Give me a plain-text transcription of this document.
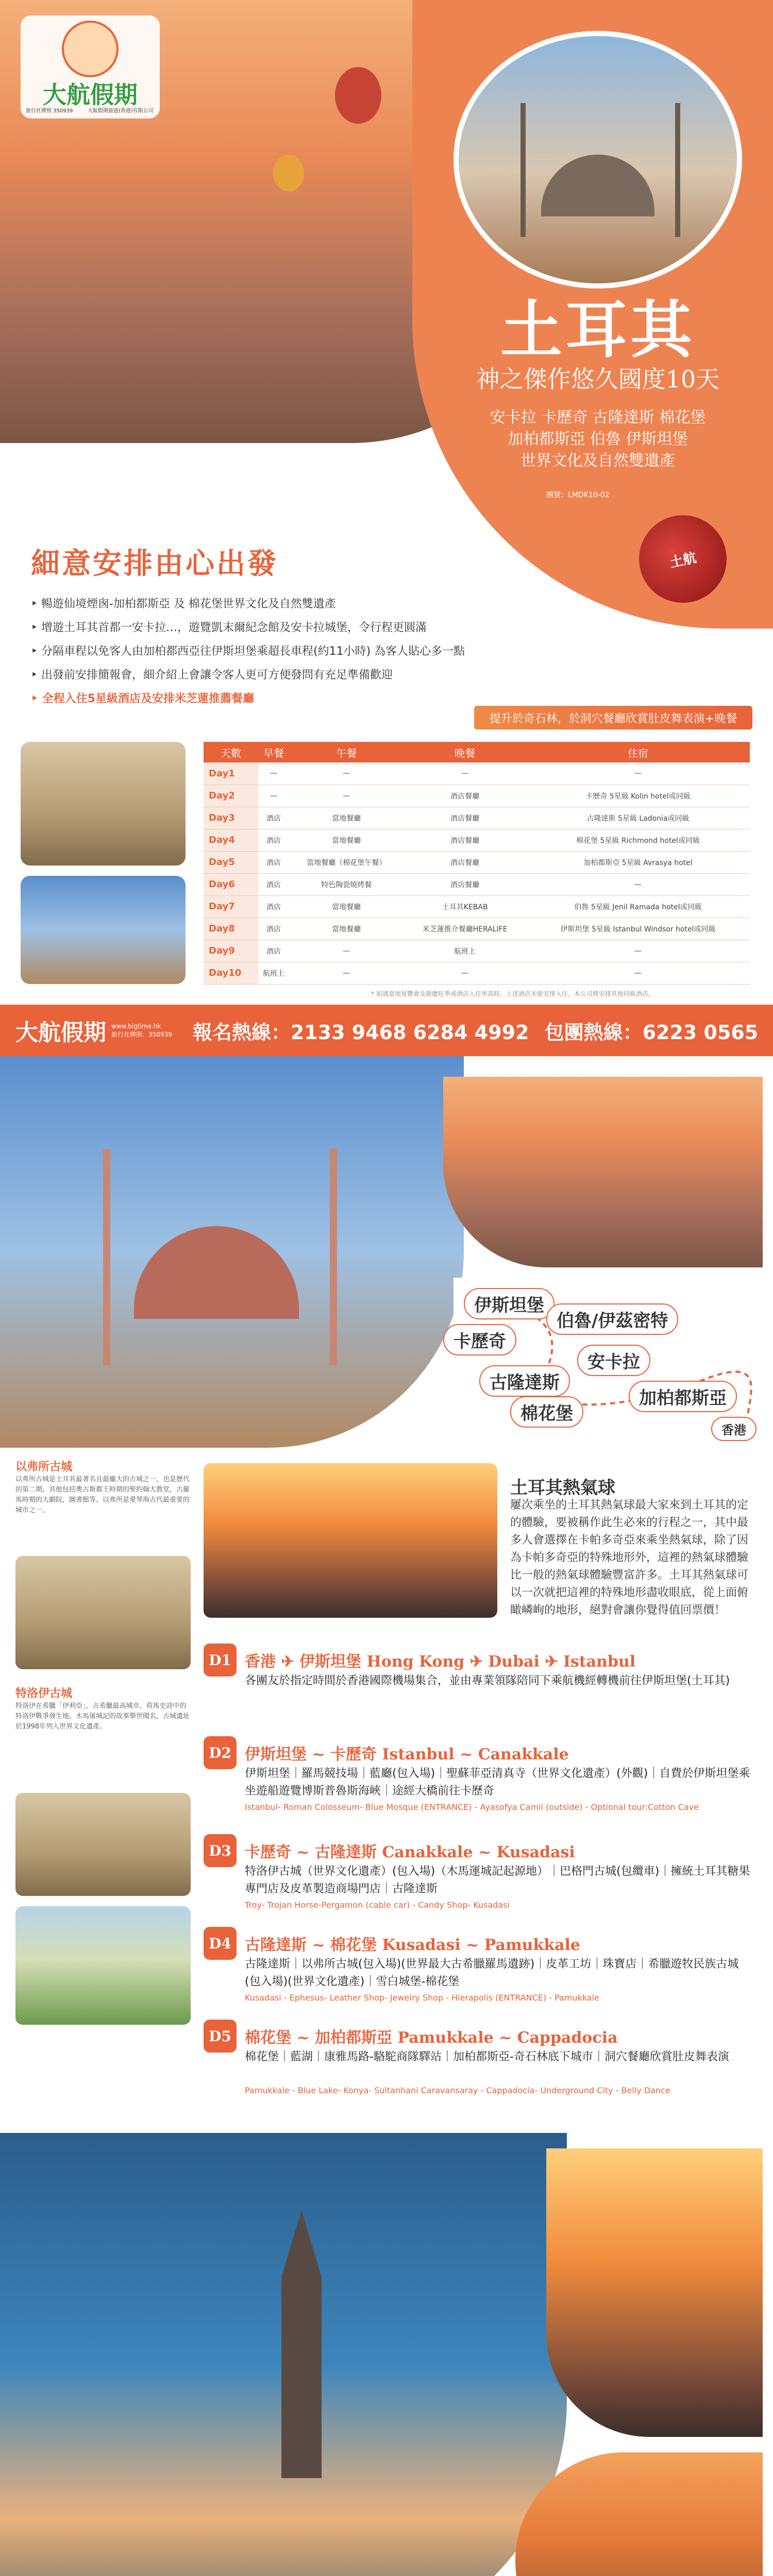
大航假期
旅行社牌照 350939	大航假期旅遊(香港)有限公司
土耳其
神之傑作悠久國度10天
安卡拉 卡歷奇 古隆達斯 棉花堡
加柏都斯亞 伯魯 伊斯坦堡
世界文化及自然雙遺產
團號：LMDK10-02
土航
細意安排由心出發
‣ 暢遊仙境煙囪-加柏都斯亞 及 棉花堡世界文化及自然雙遺產
‣ 增遊土耳其首都一安卡拉…，遊覽凱末爾紀念館及安卡拉城堡，令行程更圓滿
‣ 分隔車程以免客人由加柏都西亞往伊斯坦堡乘超長車程(約11小時) 為客人貼心多一點
‣ 出發前安排簡報會，細介紹上會讓令客人更可方便發問有充足準備歡迎
‣ 全程入住5星級酒店及安排米芝蓮推薦餐廳
提升於奇石林，於洞穴餐廳欣賞肚皮舞表演+晚餐
天數	早餐	午餐	晚餐	住宿
Day1	—	—	—	—
Day2	—	—	酒店餐廳	卡歷奇 5星級 Kolin hotel或同級
Day3	酒店	當地餐廳	酒店餐廳	古隆達斯 5星級 Ladonia或同級
Day4	酒店	當地餐廳	酒店餐廳	棉花堡 5星級 Richmond hotel或同級
Day5	酒店	當地餐廳（棉花堡午餐）	酒店餐廳	加柏都斯亞 5星級 Avrasya hotel
Day6	酒店	特色陶瓷燒烤餐	酒店餐廳	—
Day7	酒店	當地餐廳	土耳其KEBAB	伯魯 5星級 Jenil Ramada hotel或同級
Day8	酒店	當地餐廳	米芝蓮推介餐廳HERALIFE	伊斯坦堡 5星級 Istanbul Windsor hotel或同級
Day9	酒店	—	航班上	—
Day10	航班上	—	—	—
* 如遇當地展覽會及節慶旺季或酒店入住率高時，上述酒店未能安排入住，本公司將安排其他同級酒店。
大航假期 www.bigtime.hk
旅行社牌照：350939 報名熱線：2133 9468 6284 4992 包團熱線：6223 0565
伊斯坦堡
卡歷奇
伯魯/伊茲密特
安卡拉
古隆達斯
加柏都斯亞
棉花堡
香港
以弗所古城
以弗所古城是土耳其最著名且最龐大的古城之一，也是歷代的第二期，其他包括奧古斯都王時期的聖約翰大教堂，古羅馬時期的大劇院，圖書館等。以弗所是愛琴海古代最重要的城市之一。
特洛伊古城
特洛伊在希臘「伊利亞」，古希臘最高城市，荷馬史詩中的特洛伊戰爭發生地。木馬屠城記的故事舉世聞名，古城遺址於1998年列入世界文化遺產。
土耳其熱氣球
屢次乘坐的土耳其熱氣球最大家來到土耳其的定的體驗，要被稱作此生必來的行程之一，其中最多人會選擇在卡帕多奇亞來乘坐熱氣球，除了因為卡帕多奇亞的特殊地形外，這裡的熱氣球體驗比一般的熱氣球體驗豐富許多。土耳其熱氣球可以一次就把這裡的特殊地形盡收眼底，從上面俯瞰嶙峋的地形，絕對會讓你覺得值回票價！
D1 香港 ✈ 伊斯坦堡 Hong Kong ✈ Dubai ✈ Istanbul
各團友於指定時間於香港國際機場集合，並由專業領隊陪同下乘航機經轉機前往伊斯坦堡(土耳其)
D2 伊斯坦堡 ~ 卡歷奇 Istanbul ~ Canakkale
伊斯坦堡｜羅馬競技場｜藍廳(包入場)｜聖蘇菲亞清真寺（世界文化遺產）(外觀)｜自費於伊斯坦堡乘坐遊船遊覽博斯普魯斯海峽｜途經大橋前往卡歷奇
Istanbul- Roman Colosseum- Blue Mosque (ENTRANCE) - Ayasofya Camii (outside) - Optional tour:Cotton Cave
D3 卡歷奇 ~ 古隆達斯 Canakkale ~ Kusadasi
特洛伊古城（世界文化遺產）(包入場)（木馬運城記起源地）｜巴格門古城(包纜車)｜擁統土耳其糖果專門店及皮革製造商場門店｜古隆達斯
Troy- Trojan Horse-Pergamon (cable car) - Candy Shop- Kusadasi
D4 古隆達斯 ~ 棉花堡 Kusadasi ~ Pamukkale
古隆達斯｜以弗所古城(包入場)(世界最大古希臘羅馬遺跡)｜皮革工坊｜珠寶店｜希臘遊牧民族古城(包入場)(世界文化遺產)｜雪白城堡-棉花堡
Kusadasi - Ephesus- Leather Shop- Jewelry Shop - Hierapolis (ENTRANCE) - Pamukkale
D5 棉花堡 ~ 加柏都斯亞 Pamukkale ~ Cappadocia
棉花堡｜藍湖｜康雅馬路-駱駝商隊驛站｜加柏都斯亞-奇石林底下城市｜洞穴餐廳欣賞肚皮舞表演
Pamukkale - Blue Lake- Konya- Sultanhani Caravansaray - Cappadocia- Underground City - Belly Dance
